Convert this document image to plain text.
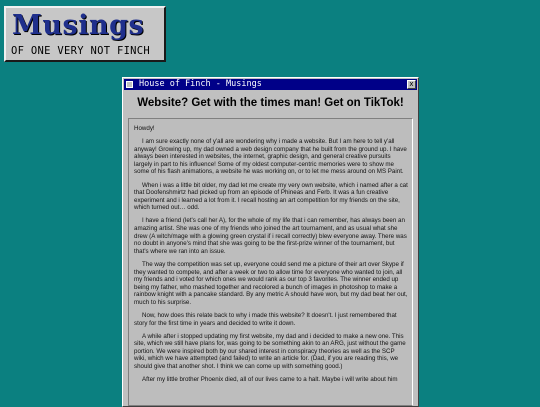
Musings
OF ONE VERY NOT FINCH
House of Finch - Musings	x
Website? Get with the times man! Get on TikTok!

Howdy!

I am sure exactly none of y'all are wondering why i made a website. But I am here to tell y'all anyway! Growing up, my dad owned a web design company that he built from the ground up. I have always been interested in websites, the internet, graphic design, and general creative pursuits largely in part to his influence! Some of my oldest computer-centric memories were to show me some of his flash animations, a website he was working on, or to let me mess around on MS Paint.

When i was a little bit older, my dad let me create my very own website, which i named after a cat that Doofenshmirtz had picked up from an episode of Phineas and Ferb. It was a fun creative experiment and i learned a lot from it. I recall hosting an art competition for my friends on the site, which turned out… odd.

I have a friend (let's call her A), for the whole of my life that i can remember, has always been an amazing artist. She was one of my friends who joined the art tournament, and as usual what she drew (A witch/mage with a glowing green crystal if i recall correctly) blew everyone away. There was no doubt in anyone's mind that she was going to be the first-prize winner of the tournament, but that's where we ran into an issue.

The way the competition was set up, everyone could send me a picture of their art over Skype if they wanted to compete, and after a week or two to allow time for everyone who wanted to join, all my friends and i voted for which ones we would rank as our top 3 favorites. The winner ended up being my father, who mashed together and recolored a bunch of images in photoshop to make a rainbow knight with a pancake standard. By any metric A should have won, but my dad beat her out, much to his surprise.

Now, how does this relate back to why i made this website? It doesn't. I just remembered that story for the first time in years and decided to write it down.

A while after i stopped updating my first website, my dad and i decided to make a new one. This site, which we still have plans for, was going to be something akin to an ARG, just without the game portion. We were inspired both by our shared interest in conspiracy theories as well as the SCP wiki, which we have attempted (and failed) to write an article for. (Dad, if you are reading this, we should give that another shot. I think we can come up with something good.)

After my little brother Phoenix died, all of our lives came to a halt. Maybe i will write about him
